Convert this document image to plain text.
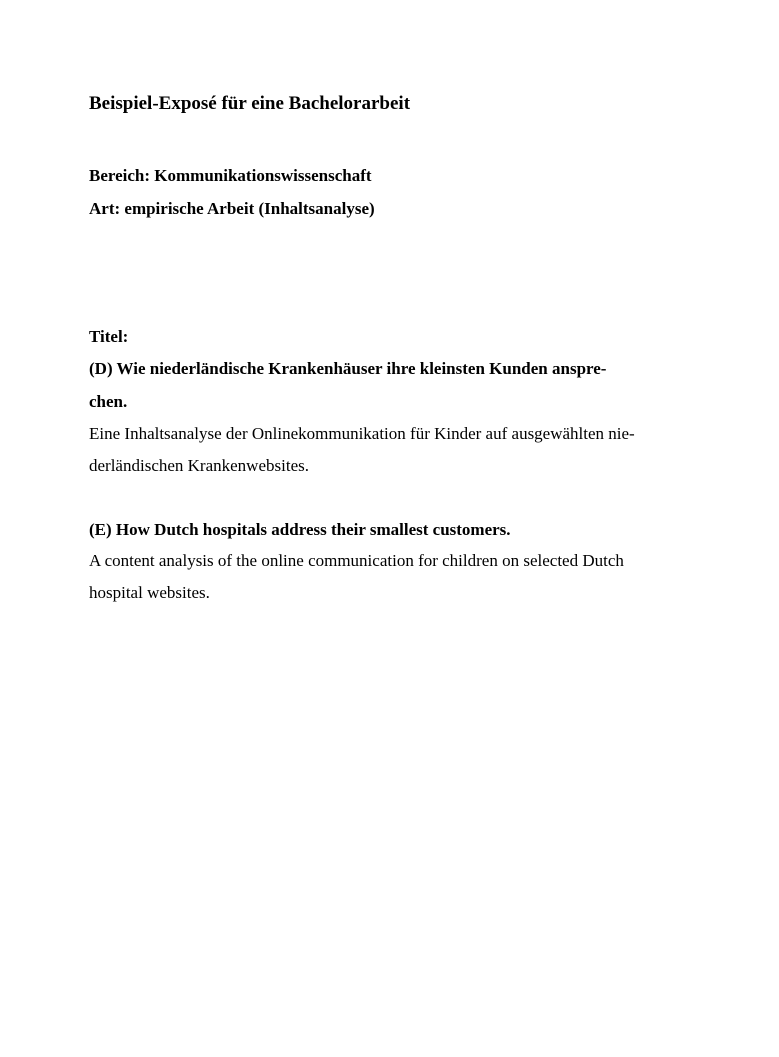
Beispiel-Exposé für eine Bachelorarbeit
Bereich: Kommunikationswissenschaft
Art: empirische Arbeit (Inhaltsanalyse)
Titel:
(D) Wie niederländische Krankenhäuser ihre kleinsten Kunden anspre-
chen.
Eine Inhaltsanalyse der Onlinekommunikation für Kinder auf ausgewählten nie-
derländischen Krankenwebsites.
(E) How Dutch hospitals address their smallest customers.
A content analysis of the online communication for children on selected Dutch
hospital websites.
